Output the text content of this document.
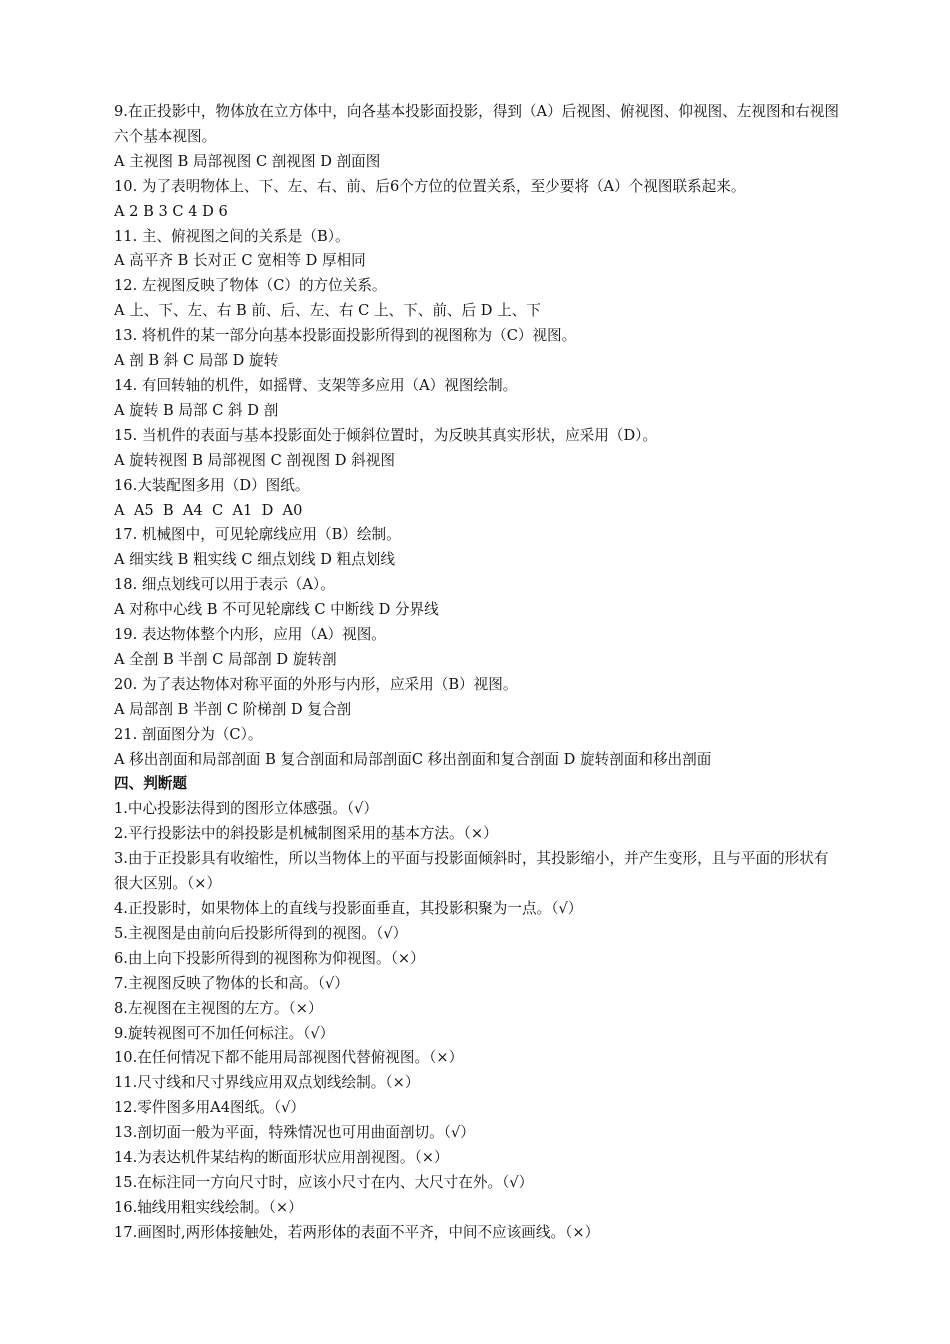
9.在正投影中，物体放在立方体中，向各基本投影面投影，得到（A）后视图、俯视图、仰视图、左视图和右视图六个基本视图。
A 主视图 B 局部视图 C 剖视图 D 剖面图
10. 为了表明物体上、下、左、右、前、后6个方位的位置关系，至少要将（A）个视图联系起来。
A 2 B 3 C 4 D 6
11. 主、俯视图之间的关系是（B）。
A 高平齐 B 长对正 C 宽相等 D 厚相同
12. 左视图反映了物体（C）的方位关系。
A 上、下、左、右 B 前、后、左、右 C 上、下、前、后 D 上、下
13. 将机件的某一部分向基本投影面投影所得到的视图称为（C）视图。
A 剖 B 斜 C 局部 D 旋转
14. 有回转轴的机件，如摇臂、支架等多应用（A）视图绘制。
A 旋转 B 局部 C 斜 D 剖
15. 当机件的表面与基本投影面处于倾斜位置时，为反映其真实形状，应采用（D）。
A 旋转视图 B 局部视图 C 剖视图 D 斜视图
16.大装配图多用（D）图纸。
A  A5  B  A4  C  A1  D  A0
17. 机械图中，可见轮廓线应用（B）绘制。
A 细实线 B 粗实线 C 细点划线 D 粗点划线
18. 细点划线可以用于表示（A）。
A 对称中心线 B 不可见轮廓线 C 中断线 D 分界线
19. 表达物体整个内形，应用（A）视图。
A 全剖 B 半剖 C 局部剖 D 旋转剖
20. 为了表达物体对称平面的外形与内形，应采用（B）视图。
A 局部剖 B 半剖 C 阶梯剖 D 复合剖
21. 剖面图分为（C）。
A 移出剖面和局部剖面 B 复合剖面和局部剖面C 移出剖面和复合剖面 D 旋转剖面和移出剖面
四、判断题
1.中心投影法得到的图形立体感强。（√）
2.平行投影法中的斜投影是机械制图采用的基本方法。（×）
3.由于正投影具有收缩性，所以当物体上的平面与投影面倾斜时，其投影缩小，并产生变形，且与平面的形状有很大区别。（×）
4.正投影时，如果物体上的直线与投影面垂直，其投影积聚为一点。（√）
5.主视图是由前向后投影所得到的视图。（√）
6.由上向下投影所得到的视图称为仰视图。（×）
7.主视图反映了物体的长和高。（√）
8.左视图在主视图的左方。（×）
9.旋转视图可不加任何标注。（√）
10.在任何情况下都不能用局部视图代替俯视图。（×）
11.尺寸线和尺寸界线应用双点划线绘制。（×）
12.零件图多用A4图纸。（√）
13.剖切面一般为平面，特殊情况也可用曲面剖切。（√）
14.为表达机件某结构的断面形状应用剖视图。（×）
15.在标注同一方向尺寸时，应该小尺寸在内、大尺寸在外。（√）
16.轴线用粗实线绘制。（×）
17.画图时,两形体接触处，若两形体的表面不平齐，中间不应该画线。（×）
